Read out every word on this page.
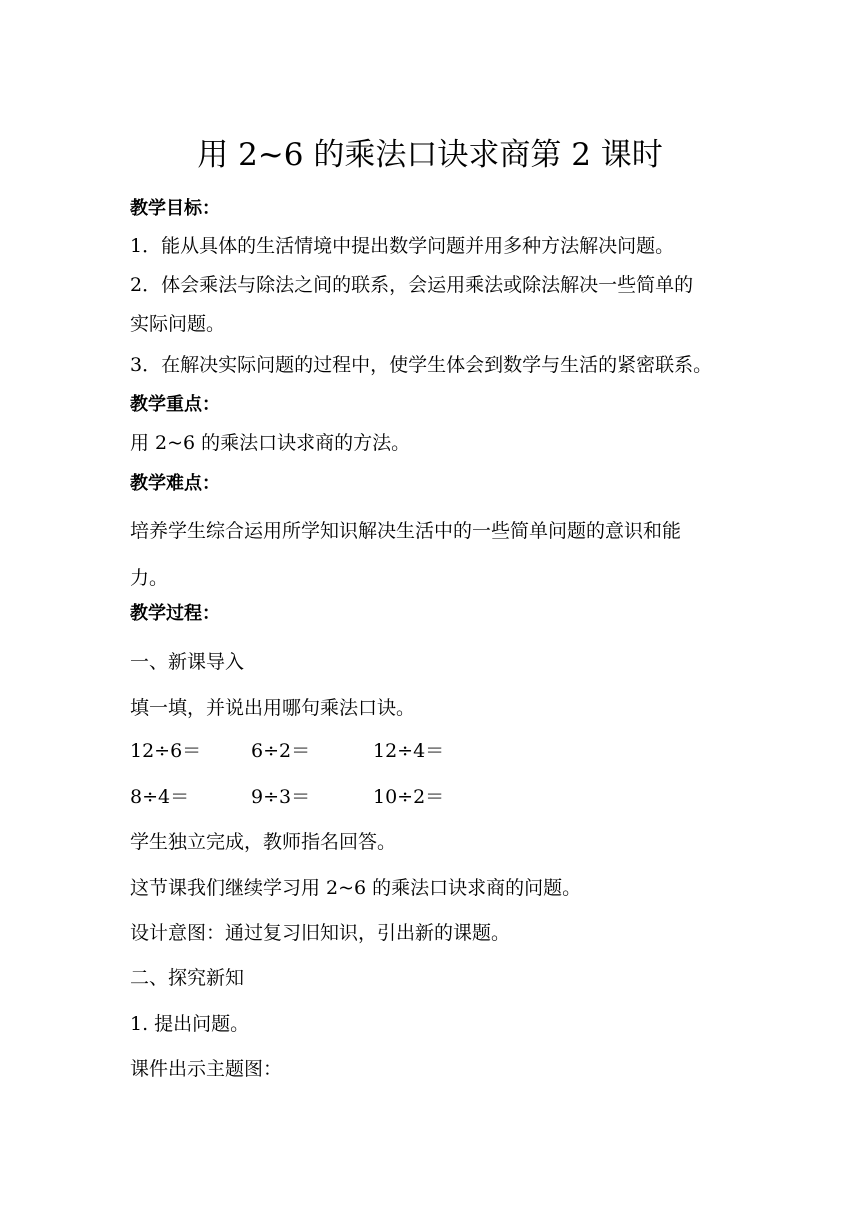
用 2~6 的乘法口诀求商第 2 课时
教学目标：
1．能从具体的生活情境中提出数学问题并用多种方法解决问题。
2．体会乘法与除法之间的联系，会运用乘法或除法解决一些简单的
实际问题。
3．在解决实际问题的过程中，使学生体会到数学与生活的紧密联系。
教学重点：
用 2~6 的乘法口诀求商的方法。
教学难点：
培养学生综合运用所学知识解决生活中的一些简单问题的意识和能
力。
教学过程：
一、新课导入
填一填，并说出用哪句乘法口诀。
12÷6＝	6÷2＝	12÷4＝
8÷4＝	9÷3＝	10÷2＝
学生独立完成，教师指名回答。
这节课我们继续学习用 2~6 的乘法口诀求商的问题。
设计意图：通过复习旧知识，引出新的课题。
二、探究新知
1. 提出问题。
课件出示主题图：
